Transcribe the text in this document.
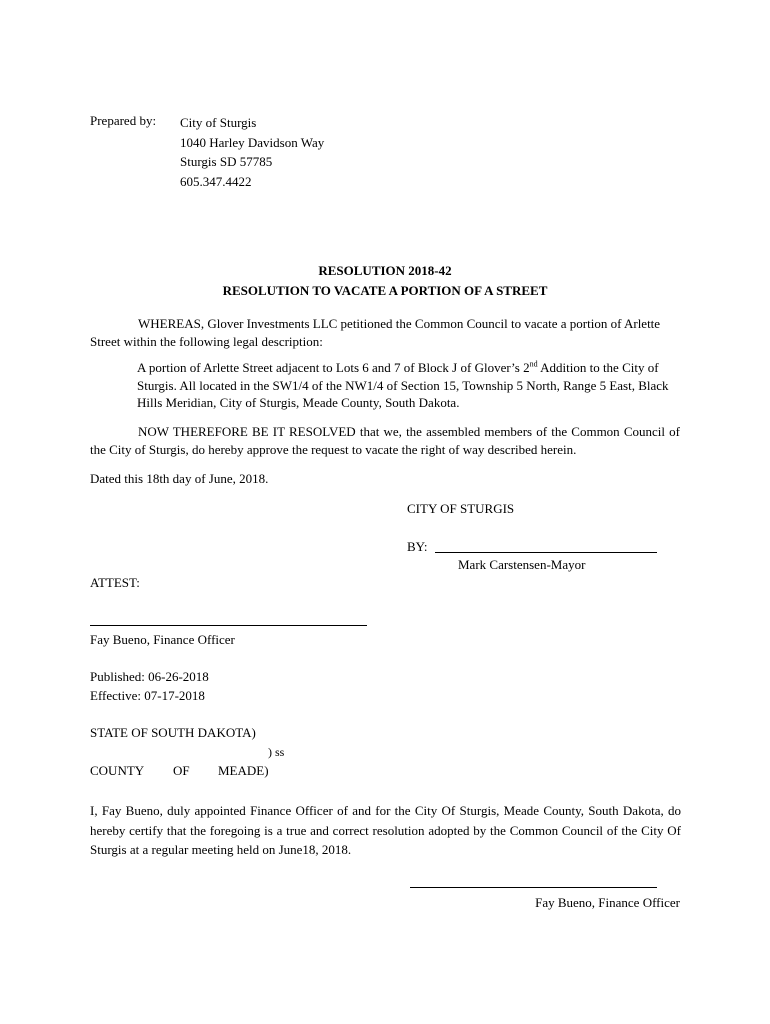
Prepared by: City of Sturgis
1040 Harley Davidson Way
Sturgis SD 57785
605.347.4422
RESOLUTION 2018-42
RESOLUTION TO VACATE A PORTION OF A STREET

WHEREAS, Glover Investments LLC petitioned the Common Council to vacate a portion of Arlette Street within the following legal description:

A portion of Arlette Street adjacent to Lots 6 and 7 of Block J of Glover’s 2nd Addition to the City of Sturgis. All located in the SW1/4 of the NW1/4 of Section 15, Township 5 North, Range 5 East, Black Hills Meridian, City of Sturgis, Meade County, South Dakota.

NOW THEREFORE BE IT RESOLVED that we, the assembled members of the Common Council of the City of Sturgis, do hereby approve the request to vacate the right of way described herein.

Dated this 18th day of June, 2018.
CITY OF STURGIS
BY:
Mark Carstensen-Mayor
ATTEST:
Fay Bueno, Finance Officer
Published: 06-26-2018
Effective: 07-17-2018
STATE OF SOUTH DAKOTA)
) ss
COUNTY OF MEADE)

I, Fay Bueno, duly appointed Finance Officer of and for the City Of Sturgis, Meade County, South Dakota, do hereby certify that the foregoing is a true and correct resolution adopted by the Common Council of the City Of Sturgis at a regular meeting held on June18, 2018.

Fay Bueno, Finance Officer
